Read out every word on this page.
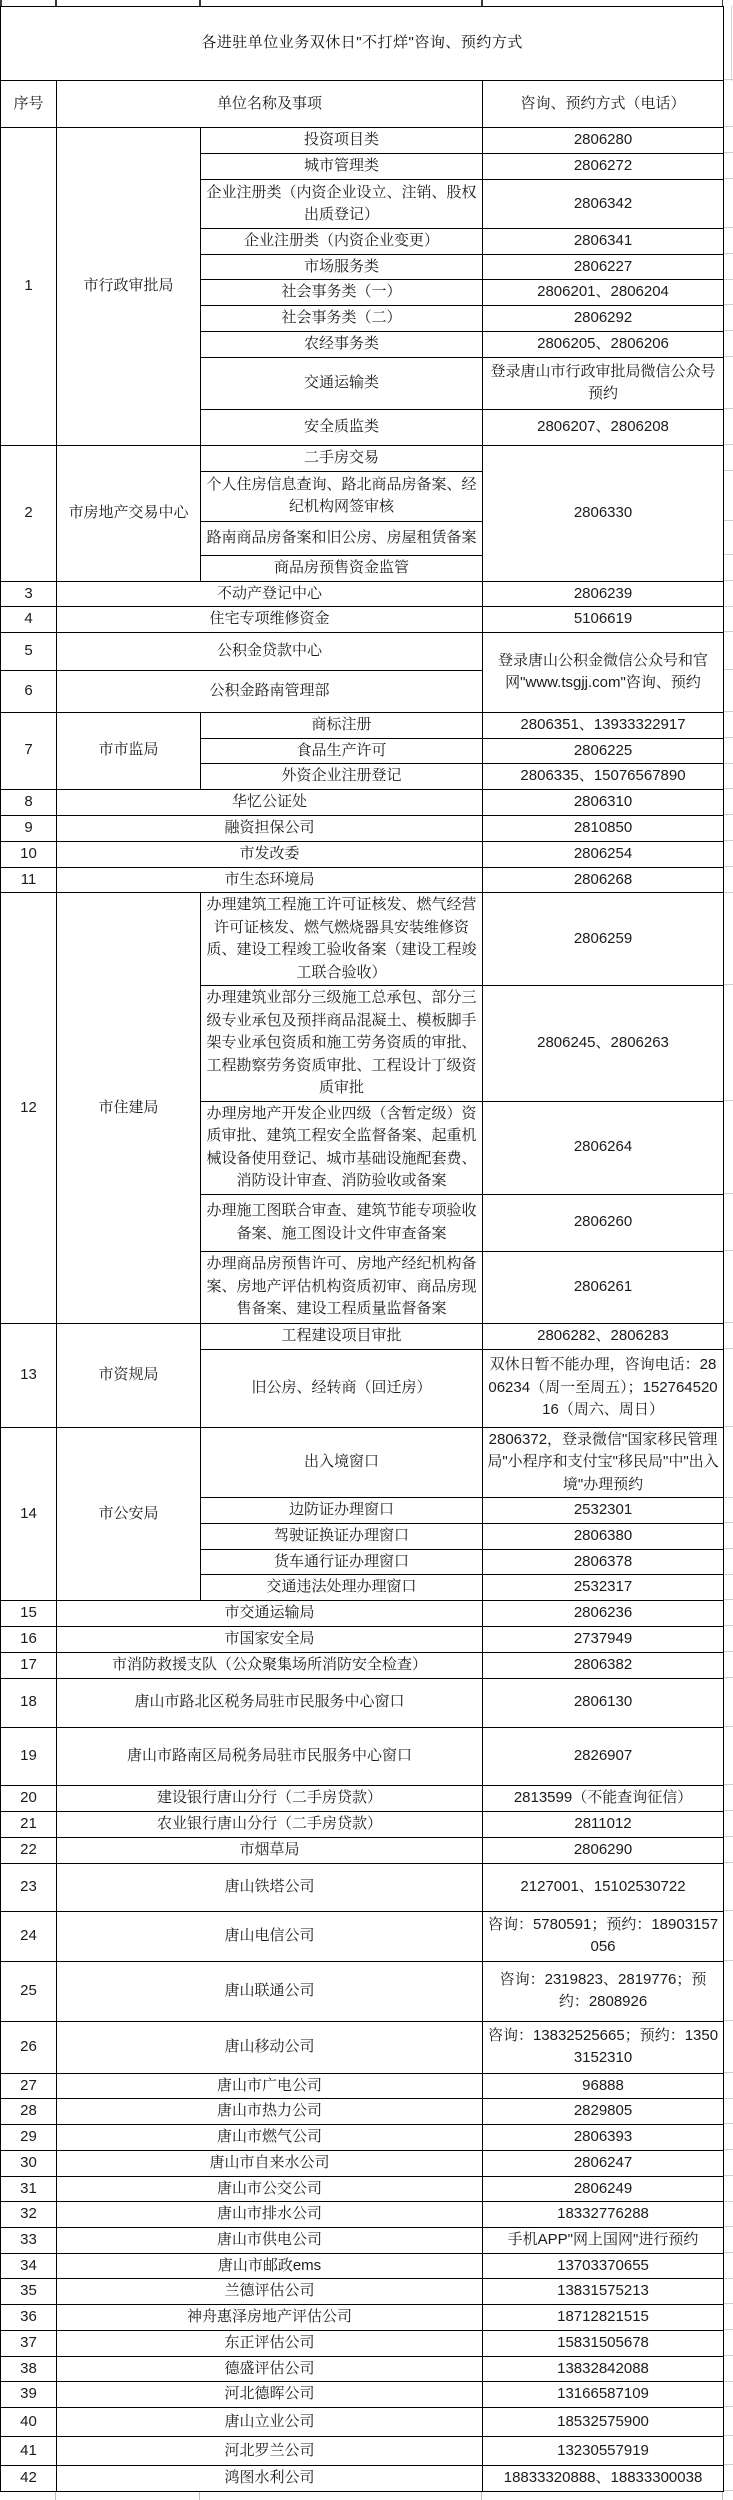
各进驻单位业务双休日"不打烊"咨询、预约方式			
序号	单位名称及事项		咨询、预约方式（电话）
1	市行政审批局	投资项目类	2806280
		城市管理类	2806272
		企业注册类（内资企业设立、注销、股权出质登记）	2806342
		企业注册类（内资企业变更）	2806341
		市场服务类	2806227
		社会事务类（一）	2806201、2806204
		社会事务类（二）	2806292
		农经事务类	2806205、2806206
		交通运输类	登录唐山市行政审批局微信公众号预约
		安全质监类	2806207、2806208
2	市房地产交易中心	二手房交易	2806330
		个人住房信息查询、路北商品房备案、经纪机构网签审核	
		路南商品房备案和旧公房、房屋租赁备案	
		商品房预售资金监管	
3	不动产登记中心		2806239
4	住宅专项维修资金		5106619
5	公积金贷款中心		登录唐山公积金微信公众号和官网"www.tsgjj.com"咨询、预约
6	公积金路南管理部		
7	市市监局	商标注册	2806351、13933322917
		食品生产许可	2806225
		外资企业注册登记	2806335、15076567890
8	华忆公证处		2806310
9	融资担保公司		2810850
10	市发改委		2806254
11	市生态环境局		2806268
12	市住建局	办理建筑工程施工许可证核发、燃气经营许可证核发、燃气燃烧器具安装维修资质、建设工程竣工验收备案（建设工程竣工联合验收）	2806259
		办理建筑业部分三级施工总承包、部分三级专业承包及预拌商品混凝土、模板脚手架专业承包资质和施工劳务资质的审批、工程勘察劳务资质审批、工程设计丁级资质审批	2806245、2806263
		办理房地产开发企业四级（含暂定级）资质审批、建筑工程安全监督备案、起重机械设备使用登记、城市基础设施配套费、消防设计审查、消防验收或备案	2806264
		办理施工图联合审查、建筑节能专项验收备案、施工图设计文件审查备案	2806260
		办理商品房预售许可、房地产经纪机构备案、房地产评估机构资质初审、商品房现售备案、建设工程质量监督备案	2806261
13	市资规局	工程建设项目审批	2806282、2806283
		旧公房、经转商（回迁房）	双休日暂不能办理，咨询电话：2806234（周一至周五）；15276452016（周六、周日）
14	市公安局	出入境窗口	2806372，登录微信"国家移民管理局"小程序和支付宝"移民局"中"出入境"办理预约
		边防证办理窗口	2532301
		驾驶证换证办理窗口	2806380
		货车通行证办理窗口	2806378
		交通违法处理办理窗口	2532317
15	市交通运输局		2806236
16	市国家安全局		2737949
17	市消防救援支队（公众聚集场所消防安全检查）		2806382
18	唐山市路北区税务局驻市民服务中心窗口		2806130
19	唐山市路南区局税务局驻市民服务中心窗口		2826907
20	建设银行唐山分行（二手房贷款）		2813599（不能查询征信）
21	农业银行唐山分行（二手房贷款）		2811012
22	市烟草局		2806290
23	唐山铁塔公司		2127001、15102530722
24	唐山电信公司		咨询：5780591；预约：18903157056
25	唐山联通公司		咨询：2319823、2819776；预约：2808926
26	唐山移动公司		咨询：13832525665；预约：13503152310
27	唐山市广电公司		96888
28	唐山市热力公司		2829805
29	唐山市燃气公司		2806393
30	唐山市自来水公司		2806247
31	唐山市公交公司		2806249
32	唐山市排水公司		18332776288
33	唐山市供电公司		手机APP"网上国网"进行预约
34	唐山市邮政ems		13703370655
35	兰德评估公司		13831575213
36	神舟惠泽房地产评估公司		18712821515
37	东正评估公司		15831505678
38	德盛评估公司		13832842088
39	河北德晖公司		13166587109
40	唐山立业公司		18532575900
41	河北罗兰公司		13230557919
42	鸿图水利公司		18833320888、18833300038
